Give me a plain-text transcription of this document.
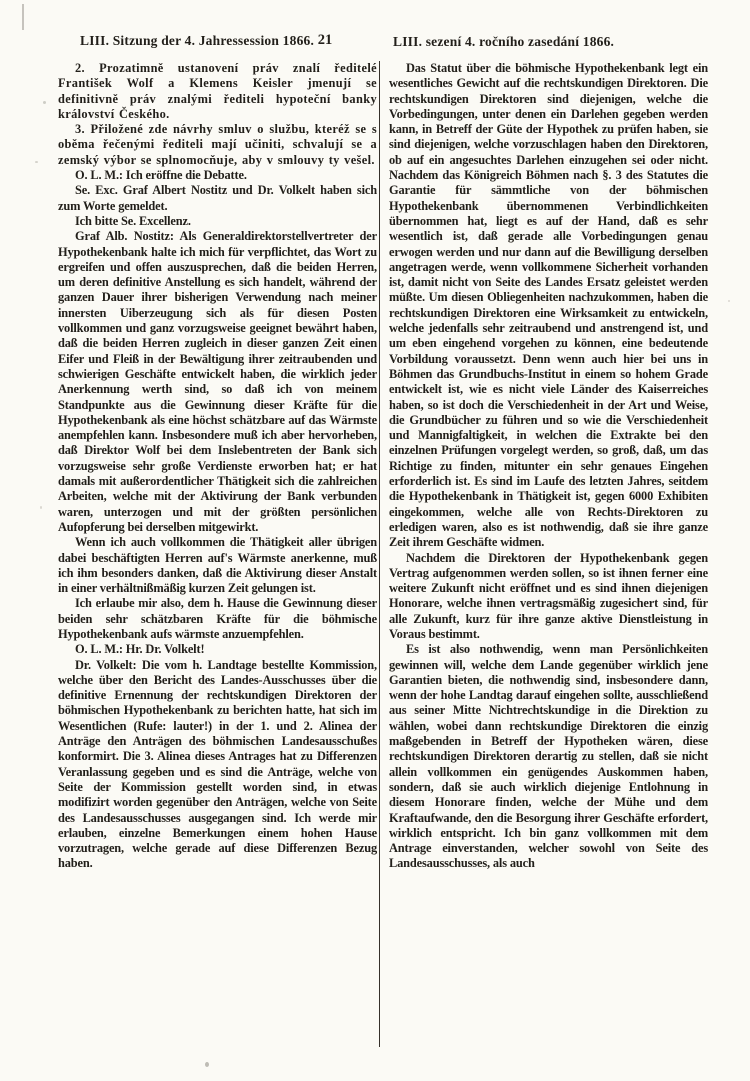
LIII. Sitzung der 4. Jahressession 1866. 21	LIII. sezení 4. ročního zasedání 1866.

2. Prozatimně ustanovení práv znalí ředitelé František Wolf a Klemens Keisler jmenují se definitivně práv znalými řediteli hypoteční banky království Českého.

3. Přiložené zde návrhy smluv o službu, kteréž se s oběma řečenými řediteli mají učiniti, schvalují se a zemský výbor se splnomocňuje, aby v smlouvy ty vešel.

O. L. M.: Ich eröffne die Debatte.

Se. Exc. Graf Albert Nostitz und Dr. Volkelt haben sich zum Worte gemeldet.

Ich bitte Se. Excellenz.

Graf Alb. Nostitz: Als Generaldirektorstellvertreter der Hypothekenbank halte ich mich für verpflichtet, das Wort zu ergreifen und offen auszusprechen, daß die beiden Herren, um deren definitive Anstellung es sich handelt, während der ganzen Dauer ihrer bisherigen Verwendung nach meiner innersten Uiberzeugung sich als für diesen Posten vollkommen und ganz vorzugsweise geeignet bewährt haben, daß die beiden Herren zugleich in dieser ganzen Zeit einen Eifer und Fleiß in der Bewältigung ihrer zeitraubenden und schwierigen Geschäfte entwickelt haben, die wirklich jeder Anerkennung werth sind, so daß ich von meinem Standpunkte aus die Gewinnung dieser Kräfte für die Hypothekenbank als eine höchst schätzbare auf das Wärmste anempfehlen kann. Insbesondere muß ich aber hervorheben, daß Direktor Wolf bei dem Inslebentreten der Bank sich vorzugsweise sehr große Verdienste erworben hat; er hat damals mit außerordentlicher Thätigkeit sich die zahlreichen Arbeiten, welche mit der Aktivirung der Bank verbunden waren, unterzogen und mit der größten persönlichen Aufopferung bei derselben mitgewirkt.

Wenn ich auch vollkommen die Thätigkeit aller übrigen dabei beschäftigten Herren auf's Wärmste anerkenne, muß ich ihm besonders danken, daß die Aktivirung dieser Anstalt in einer verhältnißmäßig kurzen Zeit gelungen ist.

Ich erlaube mir also, dem h. Hause die Gewinnung dieser beiden sehr schätzbaren Kräfte für die böhmische Hypothekenbank aufs wärmste anzuempfehlen.

O. L. M.: Hr. Dr. Volkelt!

Dr. Volkelt: Die vom h. Landtage bestellte Kommission, welche über den Bericht des Landes-Ausschusses über die definitive Ernennung der rechtskundigen Direktoren der böhmischen Hypothekenbank zu berichten hatte, hat sich im Wesentlichen (Rufe: lauter!) in der 1. und 2. Alinea der Anträge den Anträgen des böhmischen Landesausschußes konformirt. Die 3. Alinea dieses Antrages hat zu Differenzen Veranlassung gegeben und es sind die Anträge, welche von Seite der Kommission gestellt worden sind, in etwas modifizirt worden gegenüber den Anträgen, welche von Seite des Landesausschusses ausgegangen sind. Ich werde mir erlauben, einzelne Bemerkungen einem hohen Hause vorzutragen, welche gerade auf diese Differenzen Bezug haben.

Das Statut über die böhmische Hypothekenbank legt ein wesentliches Gewicht auf die rechtskundigen Direktoren. Die rechtskundigen Direktoren sind diejenigen, welche die Vorbedingungen, unter denen ein Darlehen gegeben werden kann, in Betreff der Güte der Hypothek zu prüfen haben, sie sind diejenigen, welche vorzuschlagen haben den Direktoren, ob auf ein angesuchtes Darlehen einzugehen sei oder nicht. Nachdem das Königreich Böhmen nach §. 3 des Statutes die Garantie für sämmtliche von der böhmischen Hypothekenbank übernommenen Verbindlichkeiten übernommen hat, liegt es auf der Hand, daß es sehr wesentlich ist, daß gerade alle Vorbedingungen genau erwogen werden und nur dann auf die Bewilligung derselben angetragen werde, wenn vollkommene Sicherheit vorhanden ist, damit nicht von Seite des Landes Ersatz geleistet werden müßte. Um diesen Obliegenheiten nachzukommen, haben die rechtskundigen Direktoren eine Wirksamkeit zu entwickeln, welche jedenfalls sehr zeitraubend und anstrengend ist, und um eben eingehend vorgehen zu können, eine bedeutende Vorbildung voraussetzt. Denn wenn auch hier bei uns in Böhmen das Grundbuchs-Institut in einem so hohem Grade entwickelt ist, wie es nicht viele Länder des Kaiserreiches haben, so ist doch die Verschiedenheit in der Art und Weise, die Grundbücher zu führen und so wie die Verschiedenheit und Mannigfaltigkeit, in welchen die Extrakte bei den einzelnen Prüfungen vorgelegt werden, so groß, daß, um das Richtige zu finden, mitunter ein sehr genaues Eingehen erforderlich ist. Es sind im Laufe des letzten Jahres, seitdem die Hypothekenbank in Thätigkeit ist, gegen 6000 Exhibiten eingekommen, welche alle von Rechts-Direktoren zu erledigen waren, also es ist nothwendig, daß sie ihre ganze Zeit ihrem Geschäfte widmen.

Nachdem die Direktoren der Hypothekenbank gegen Vertrag aufgenommen werden sollen, so ist ihnen ferner eine weitere Zukunft nicht eröffnet und es sind ihnen diejenigen Honorare, welche ihnen vertragsmäßig zugesichert sind, für alle Zukunft, kurz für ihre ganze aktive Dienstleistung in Voraus bestimmt.

Es ist also nothwendig, wenn man Persönlichkeiten gewinnen will, welche dem Lande gegenüber wirklich jene Garantien bieten, die nothwendig sind, insbesondere dann, wenn der hohe Landtag darauf eingehen sollte, ausschließend aus seiner Mitte Nichtrechtskundige in die Direktion zu wählen, wobei dann rechtskundige Direktoren die einzig maßgebenden in Betreff der Hypotheken wären, diese rechtskundigen Direktoren derartig zu stellen, daß sie nicht allein vollkommen ein genügendes Auskommen haben, sondern, daß sie auch wirklich diejenige Entlohnung in diesem Honorare finden, welche der Mühe und dem Kraftaufwande, den die Besorgung ihrer Geschäfte erfordert, wirklich entspricht. Ich bin ganz vollkommen mit dem Antrage einverstanden, welcher sowohl von Seite des Landesausschusses, als auch
